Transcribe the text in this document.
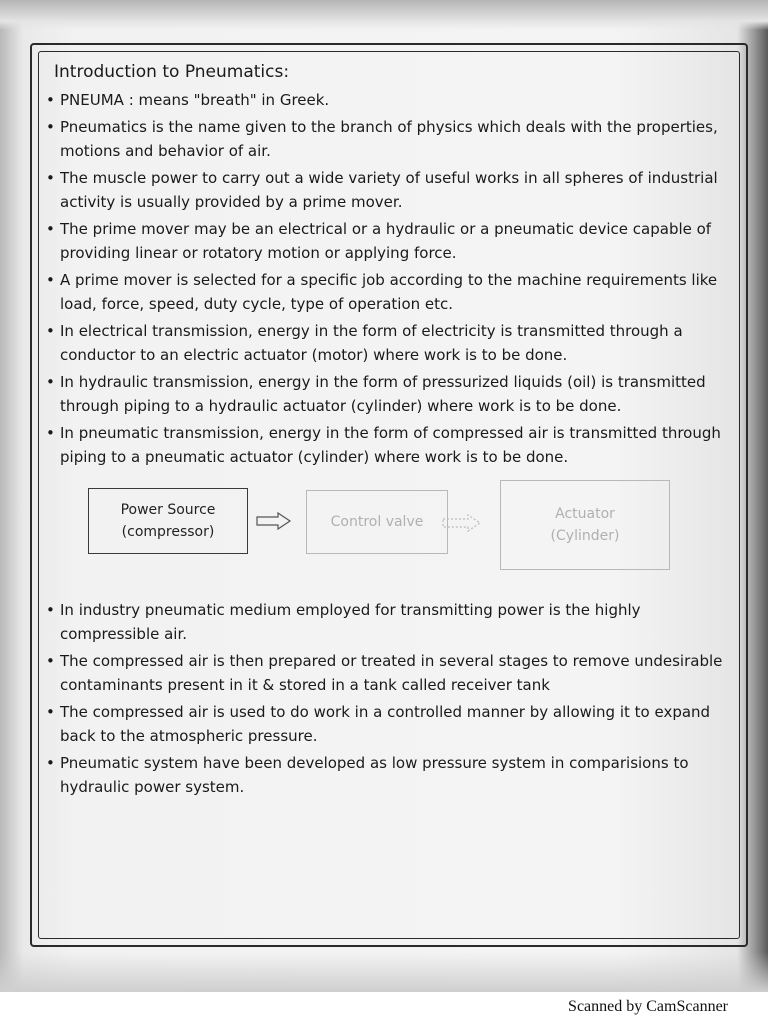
Introduction to Pneumatics:
• PNEUMA : means "breath" in Greek.
• Pneumatics is the name given to the branch of physics which deals with the properties, motions and behavior of air.
• The muscle power to carry out a wide variety of useful works in all spheres of industrial activity is usually provided by a prime mover.
• The prime mover may be an electrical or a hydraulic or a pneumatic device capable of providing linear or rotatory motion or applying force.
• A prime mover is selected for a specific job according to the machine requirements like load, force, speed, duty cycle, type of operation etc.
• In electrical transmission, energy in the form of electricity is transmitted through a conductor to an electric actuator (motor) where work is to be done.
• In hydraulic transmission, energy in the form of pressurized liquids (oil) is transmitted through piping to a hydraulic actuator (cylinder) where work is to be done.
• In pneumatic transmission, energy in the form of compressed air is transmitted through piping to a pneumatic actuator (cylinder) where work is to be done.
Power Source
(compressor)
Control valve	Actuator
(Cylinder)
• In industry pneumatic medium employed for transmitting power is the highly compressible air.
• The compressed air is then prepared or treated in several stages to remove undesirable contaminants present in it & stored in a tank called receiver tank
• The compressed air is used to do work in a controlled manner by allowing it to expand back to the atmospheric pressure.
• Pneumatic system have been developed as low pressure system in comparisions to hydraulic power system.
Scanned by CamScanner
